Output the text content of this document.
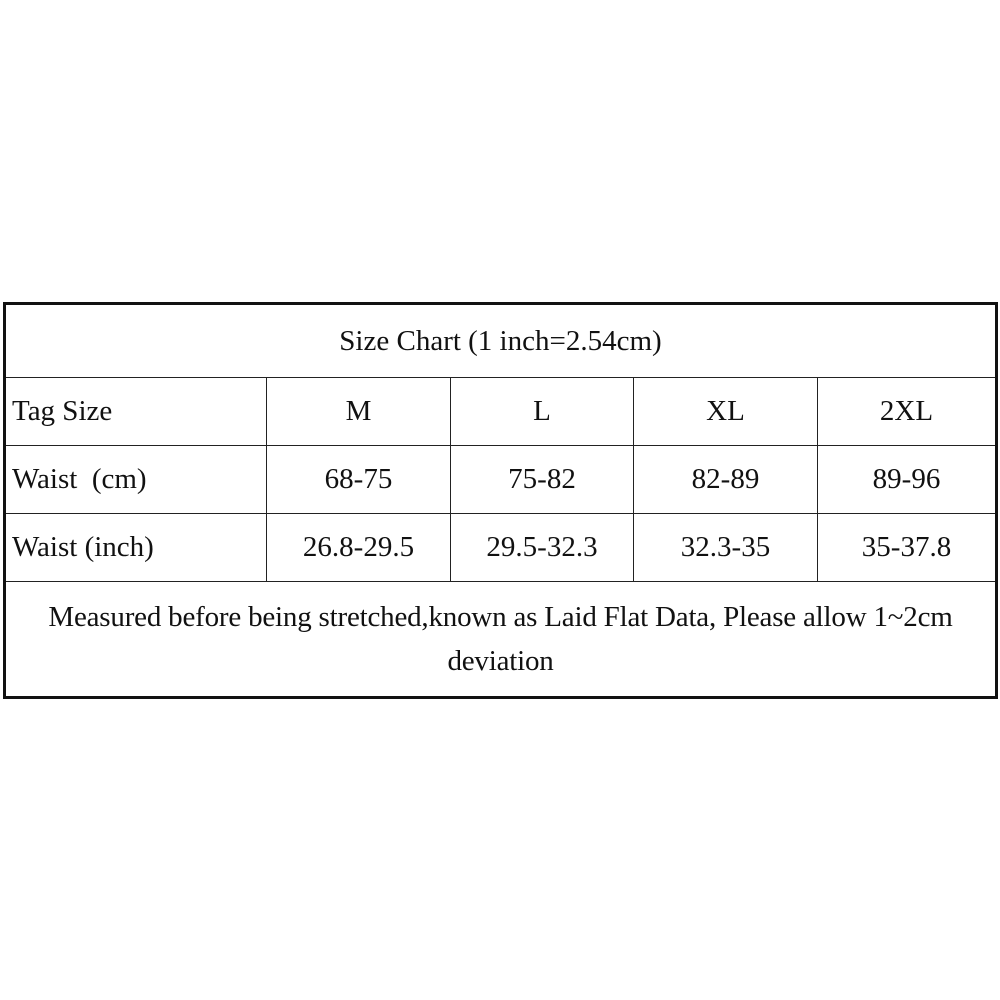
Size Chart (1 inch=2.54cm)				
Tag Size	M	L	XL	2XL
Waist  (cm)	68-75	75-82	82-89	89-96
Waist (inch)	26.8-29.5	29.5-32.3	32.3-35	35-37.8
Measured before being stretched,known as Laid Flat Data, Please allow 1~2cm deviation				
